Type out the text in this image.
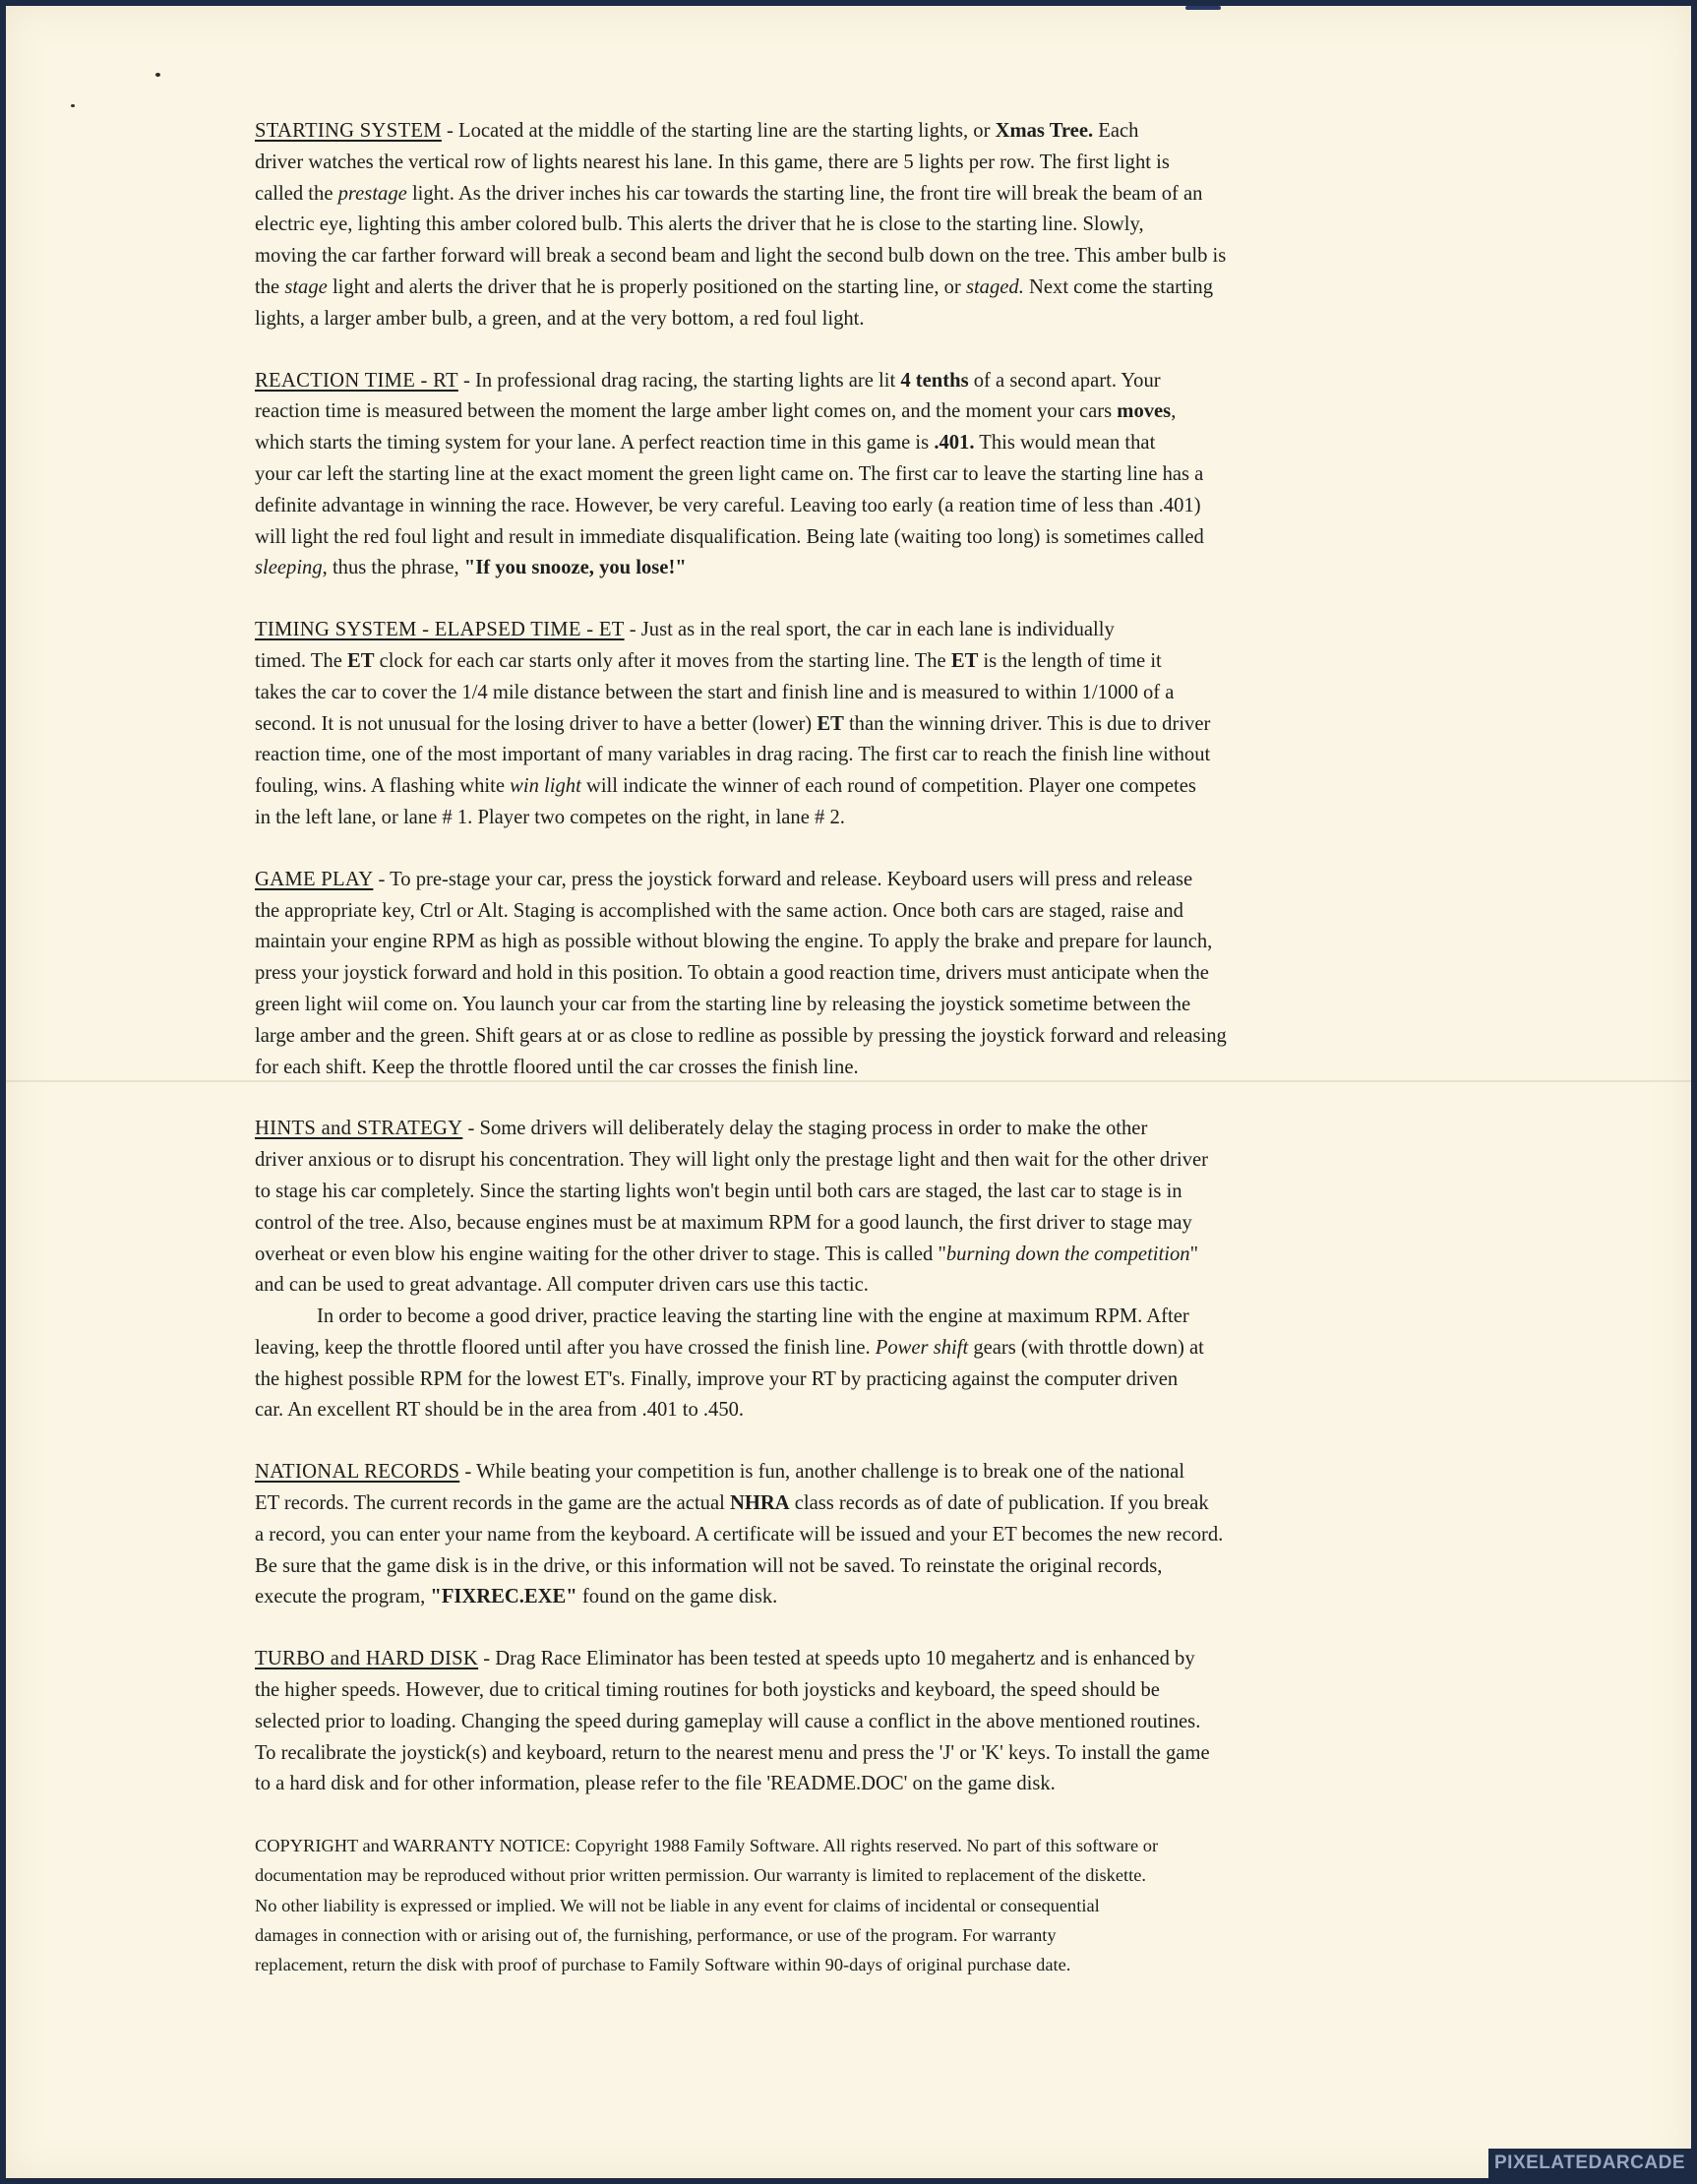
STARTING SYSTEM - Located at the middle of the starting line are the starting lights, or Xmas Tree. Each
driver watches the vertical row of lights nearest his lane. In this game, there are 5 lights per row. The first light is
called the prestage light. As the driver inches his car towards the starting line, the front tire will break the beam of an
electric eye, lighting this amber colored bulb. This alerts the driver that he is close to the starting line. Slowly,
moving the car farther forward will break a second beam and light the second bulb down on the tree. This amber bulb is
the stage light and alerts the driver that he is properly positioned on the starting line, or staged. Next come the starting
lights, a larger amber bulb, a green, and at the very bottom, a red foul light.

REACTION TIME - RT - In professional drag racing, the starting lights are lit 4 tenths of a second apart. Your
reaction time is measured between the moment the large amber light comes on, and the moment your cars moves,
which starts the timing system for your lane. A perfect reaction time in this game is .401. This would mean that
your car left the starting line at the exact moment the green light came on. The first car to leave the starting line has a
definite advantage in winning the race. However, be very careful. Leaving too early (a reation time of less than .401)
will light the red foul light and result in immediate disqualification. Being late (waiting too long) is sometimes called
sleeping, thus the phrase, "If you snooze, you lose!"

TIMING SYSTEM - ELAPSED TIME - ET - Just as in the real sport, the car in each lane is individually
timed. The ET clock for each car starts only after it moves from the starting line. The ET is the length of time it
takes the car to cover the 1/4 mile distance between the start and finish line and is measured to within 1/1000 of a
second. It is not unusual for the losing driver to have a better (lower) ET than the winning driver. This is due to driver
reaction time, one of the most important of many variables in drag racing. The first car to reach the finish line without
fouling, wins. A flashing white win light will indicate the winner of each round of competition. Player one competes
in the left lane, or lane # 1. Player two competes on the right, in lane # 2.

GAME PLAY - To pre-stage your car, press the joystick forward and release. Keyboard users will press and release
the appropriate key, Ctrl or Alt. Staging is accomplished with the same action. Once both cars are staged, raise and
maintain your engine RPM as high as possible without blowing the engine. To apply the brake and prepare for launch,
press your joystick forward and hold in this position. To obtain a good reaction time, drivers must anticipate when the
green light wiil come on. You launch your car from the starting line by releasing the joystick sometime between the
large amber and the green. Shift gears at or as close to redline as possible by pressing the joystick forward and releasing
for each shift. Keep the throttle floored until the car crosses the finish line.

HINTS and STRATEGY - Some drivers will deliberately delay the staging process in order to make the other
driver anxious or to disrupt his concentration. They will light only the prestage light and then wait for the other driver
to stage his car completely. Since the starting lights won't begin until both cars are staged, the last car to stage is in
control of the tree. Also, because engines must be at maximum RPM for a good launch, the first driver to stage may
overheat or even blow his engine waiting for the other driver to stage. This is called "burning down the competition"
and can be used to great advantage. All computer driven cars use this tactic.

In order to become a good driver, practice leaving the starting line with the engine at maximum RPM. After
leaving, keep the throttle floored until after you have crossed the finish line. Power shift gears (with throttle down) at
the highest possible RPM for the lowest ET's. Finally, improve your RT by practicing against the computer driven
car. An excellent RT should be in the area from .401 to .450.

NATIONAL RECORDS - While beating your competition is fun, another challenge is to break one of the national
ET records. The current records in the game are the actual NHRA class records as of date of publication. If you break
a record, you can enter your name from the keyboard. A certificate will be issued and your ET becomes the new record.
Be sure that the game disk is in the drive, or this information will not be saved. To reinstate the original records,
execute the program, "FIXREC.EXE" found on the game disk.

TURBO and HARD DISK - Drag Race Eliminator has been tested at speeds upto 10 megahertz and is enhanced by
the higher speeds. However, due to critical timing routines for both joysticks and keyboard, the speed should be
selected prior to loading. Changing the speed during gameplay will cause a conflict in the above mentioned routines.
To recalibrate the joystick(s) and keyboard, return to the nearest menu and press the 'J' or 'K' keys. To install the game
to a hard disk and for other information, please refer to the file 'README.DOC' on the game disk.

COPYRIGHT and WARRANTY NOTICE: Copyright 1988 Family Software. All rights reserved. No part of this software or
documentation may be reproduced without prior written permission. Our warranty is limited to replacement of the diskette.
No other liability is expressed or implied. We will not be liable in any event for claims of incidental or consequential
damages in connection with or arising out of, the furnishing, performance, or use of the program. For warranty
replacement, return the disk with proof of purchase to Family Software within 90-days of original purchase date.

PIXELATEDARCADE
